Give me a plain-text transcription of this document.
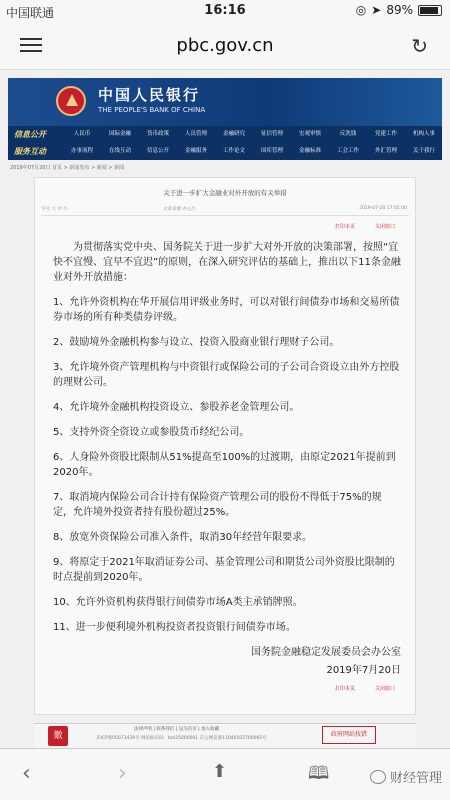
中国联通	16:16	◎ ➤ 89%
pbc.gov.cn	↻
中国人民银行
THE PEOPLE'S BANK OF CHINA
信息公开
服务互动
人民币	国际金融	货币政策	人员管理	金融研究	征信管理	宏观审慎	反洗钱	党建工作	机构人事
办事流程	在线互动	信息公开	金融服务	工作论文	国库管理	金融标准	工会工作	外汇管理	关于我行
2019年07月20日 首页 > 新闻发布 > 新闻 > 新闻
关于进一步扩大金融业对外开放的有关举措
字号 大 中 小	文章来源 办公厅	2019-07-20 17:05:00
打印本页	关闭窗口

为贯彻落实党中央、国务院关于进一步扩大对外开放的决策部署，按照“宜快不宜慢、宜早不宜迟”的原则，在深入研究评估的基础上，推出以下11条金融业对外开放措施：

1、允许外资机构在华开展信用评级业务时，可以对银行间债券市场和交易所债券市场的所有种类债券评级。

2、鼓励境外金融机构参与设立、投资入股商业银行理财子公司。

3、允许境外资产管理机构与中资银行或保险公司的子公司合资设立由外方控股的理财公司。

4、允许境外金融机构投资设立、参股养老金管理公司。

5、支持外资全资设立或参股货币经纪公司。

6、人身险外资股比限制从51%提高至100%的过渡期，由原定2021年提前到2020年。

7、取消境内保险公司合计持有保险资产管理公司的股份不得低于75%的规定，允许境外投资者持有股份超过25%。

8、放宽外资保险公司准入条件，取消30年经营年限要求。

9、将原定于2021年取消证券公司、基金管理公司和期货公司外资股比限制的时点提前到2020年。

10、允许外资机构获得银行间债券市场A类主承销牌照。

11、进一步便利境外机构投资者投资银行间债券市场。

国务院金融稳定发展委员会办公室

2019年7月20日

打印本页	关闭窗口
徽
法律声明 | 联系我们 | 设为首页 | 加入收藏
京ICP备05073439号 网站标识码：bm25000001 京公网安备11040102700065号
政府网站找错
‹	›	⬆	🕮	财经管理
